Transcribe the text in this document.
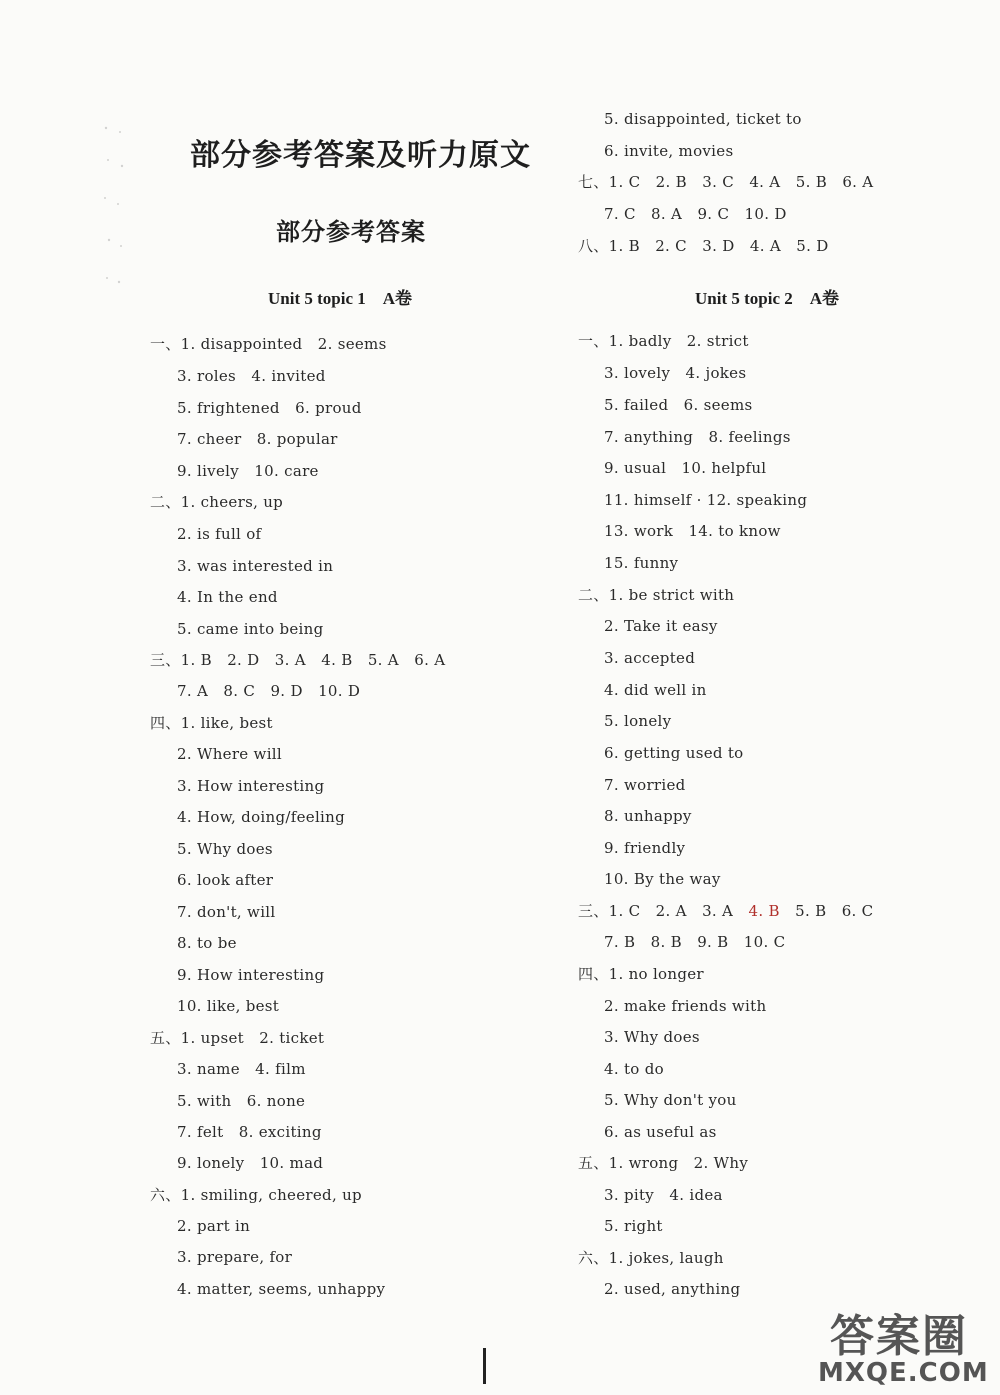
部分参考答案及听力原文
部分参考答案
Unit 5 topic 1　A卷
一、1. disappointed　2. seems
3. roles　4. invited
5. frightened　6. proud
7. cheer　8. popular
9. lively　10. care
二、1. cheers, up
2. is full of
3. was interested in
4. In the end
5. came into being
三、1. B　2. D　3. A　4. B　5. A　6. A
7. A　8. C　9. D　10. D
四、1. like, best
2. Where will
3. How interesting
4. How, doing/feeling
5. Why does
6. look after
7. don't, will
8. to be
9. How interesting
10. like, best
五、1. upset　2. ticket
3. name　4. film
5. with　6. none
7. felt　8. exciting
9. lonely　10. mad
六、1. smiling, cheered, up
2. part in
3. prepare, for
4. matter, seems, unhappy
5. disappointed, ticket to
6. invite, movies
七、1. C　2. B　3. C　4. A　5. B　6. A
7. C　8. A　9. C　10. D
八、1. B　2. C　3. D　4. A　5. D
Unit 5 topic 2　A卷
一、1. badly　2. strict
3. lovely　4. jokes
5. failed　6. seems
7. anything　8. feelings
9. usual　10. helpful
11. himself · 12. speaking
13. work　14. to know
15. funny
二、1. be strict with
2. Take it easy
3. accepted
4. did well in
5. lonely
6. getting used to
7. worried
8. unhappy
9. friendly
10. By the way
三、1. C　2. A　3. A　4. B　5. B　6. C
7. B　8. B　9. B　10. C
四、1. no longer
2. make friends with
3. Why does
4. to do
5. Why don't you
6. as useful as
五、1. wrong　2. Why
3. pity　4. idea
5. right
六、1. jokes, laugh
2. used, anything
答案圈
MXQE.COM
